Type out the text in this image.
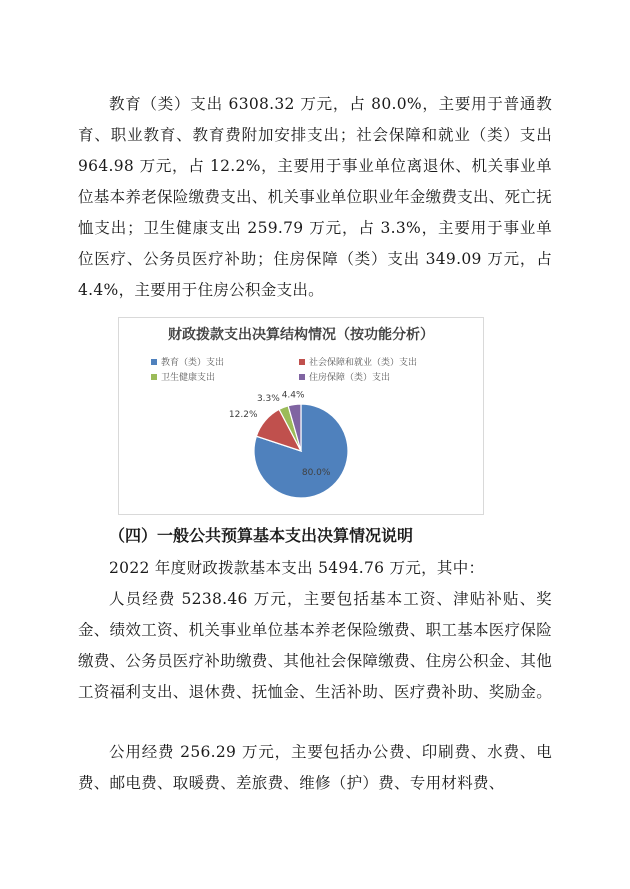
教育（类）支出 6308.32 万元，占 80.0%，主要用于普通教育、职业教育、教育费附加安排支出；社会保障和就业（类）支出 964.98 万元，占 12.2%，主要用于事业单位离退休、机关事业单位基本养老保险缴费支出、机关事业单位职业年金缴费支出、死亡抚恤支出；卫生健康支出 259.79 万元，占 3.3%，主要用于事业单位医疗、公务员医疗补助；住房保障（类）支出 349.09 万元，占 4.4%，主要用于住房公积金支出。

财政拨款支出决算结构情况（按功能分析）
教育（类）支出	社会保障和就业（类）支出
卫生健康支出	住房保障（类）支出
80.0%
12.2%
3.3% 4.4%

（四）一般公共预算基本支出决算情况说明

2022 年度财政拨款基本支出 5494.76 万元，其中：

人员经费 5238.46 万元，主要包括基本工资、津贴补贴、奖金、绩效工资、机关事业单位基本养老保险缴费、职工基本医疗保险缴费、公务员医疗补助缴费、其他社会保障缴费、住房公积金、其他工资福利支出、退休费、抚恤金、生活补助、医疗费补助、奖励金。

公用经费 256.29 万元，主要包括办公费、印刷费、水费、电费、邮电费、取暖费、差旅费、维修（护）费、专用材料费、
